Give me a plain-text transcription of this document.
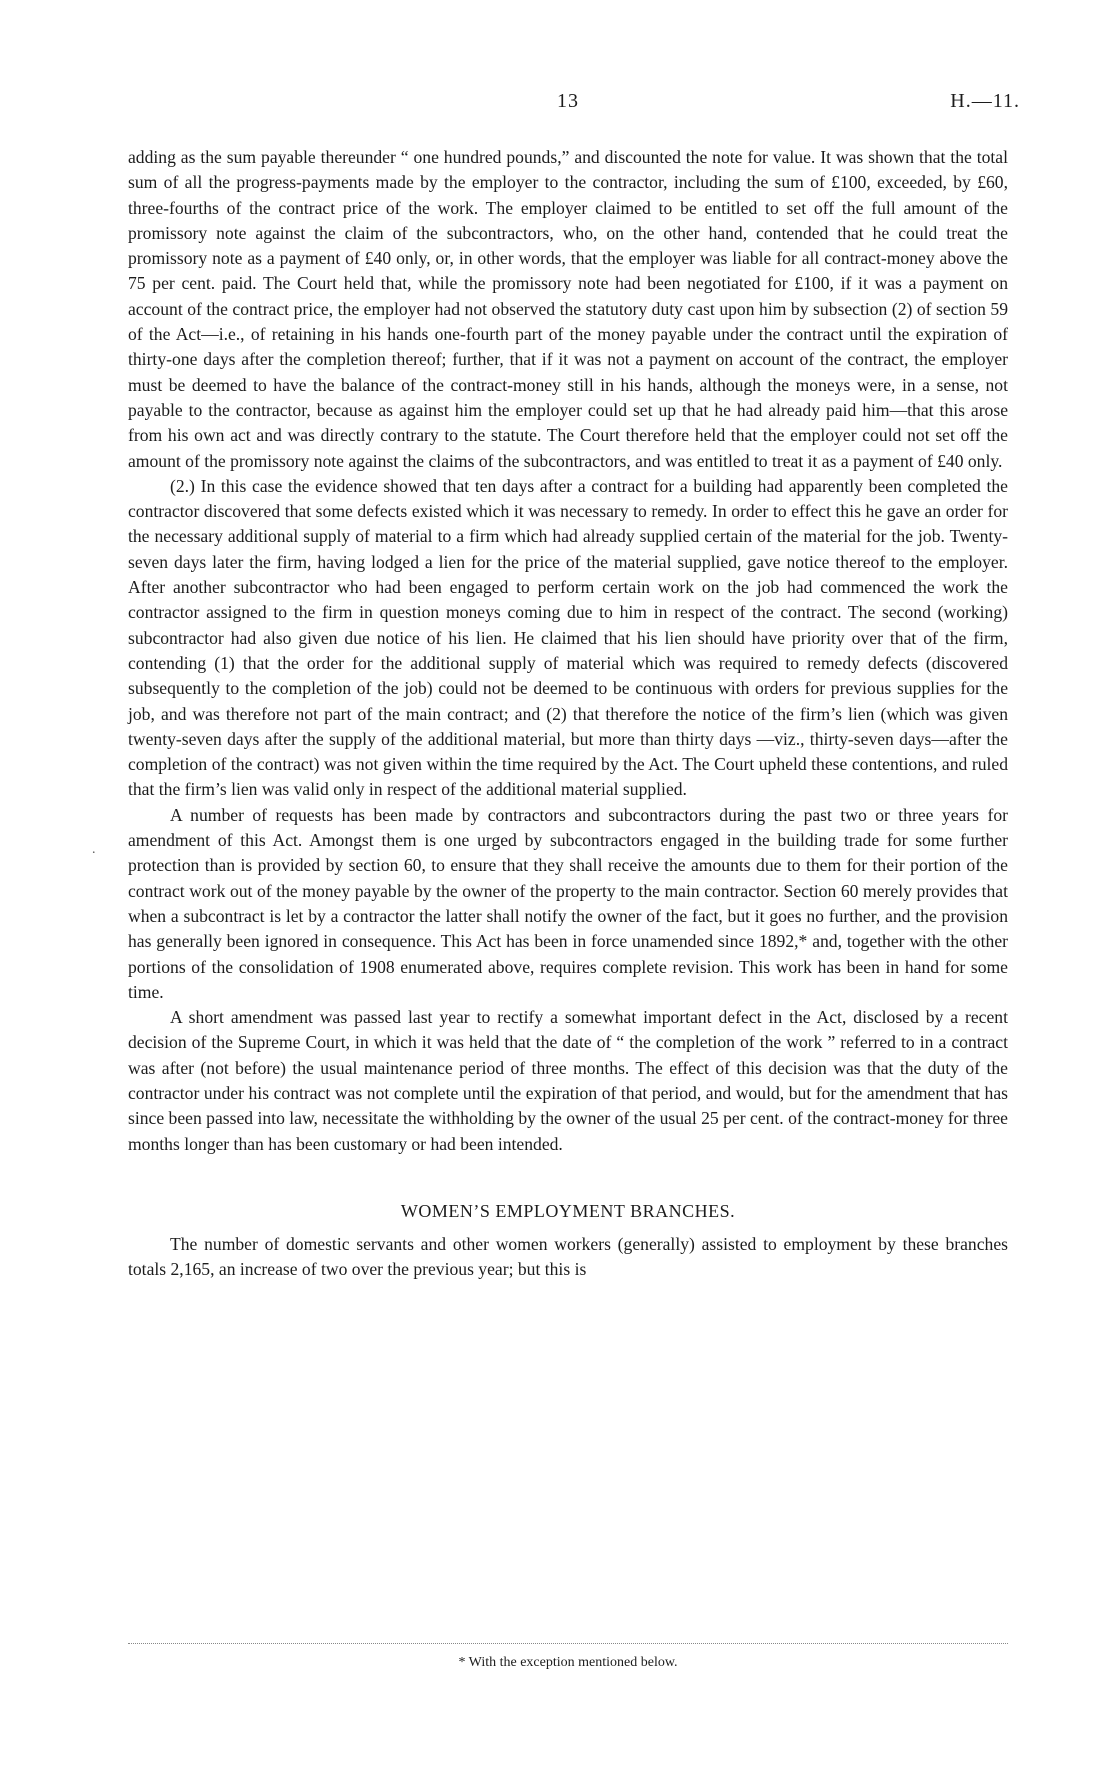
13	H.—11.
.

adding as the sum payable thereunder “ one hundred pounds,” and discounted the note for value. It was shown that the total sum of all the progress-payments made by the employer to the contractor, including the sum of £100, exceeded, by £60, three-fourths of the contract price of the work. The employer claimed to be entitled to set off the full amount of the promissory note against the claim of the subcontractors, who, on the other hand, contended that he could treat the promissory note as a payment of £40 only, or, in other words, that the employer was liable for all contract-money above the 75 per cent. paid. The Court held that, while the promissory note had been negotiated for £100, if it was a payment on account of the contract price, the employer had not observed the statutory duty cast upon him by subsection (2) of section 59 of the Act—i.e., of retaining in his hands one-fourth part of the money payable under the contract until the expiration of thirty-one days after the completion thereof; further, that if it was not a payment on account of the contract, the employer must be deemed to have the balance of the contract-money still in his hands, although the moneys were, in a sense, not payable to the contractor, because as against him the employer could set up that he had already paid him—that this arose from his own act and was directly contrary to the statute. The Court therefore held that the employer could not set off the amount of the promissory note against the claims of the subcontractors, and was entitled to treat it as a payment of £40 only.

(2.) In this case the evidence showed that ten days after a contract for a building had apparently been completed the contractor discovered that some defects existed which it was necessary to remedy. In order to effect this he gave an order for the necessary additional supply of material to a firm which had already supplied certain of the material for the job. Twenty-seven days later the firm, having lodged a lien for the price of the material supplied, gave notice thereof to the employer. After another subcontractor who had been engaged to perform certain work on the job had commenced the work the contractor assigned to the firm in question moneys coming due to him in respect of the contract. The second (working) subcontractor had also given due notice of his lien. He claimed that his lien should have priority over that of the firm, contending (1) that the order for the additional supply of material which was required to remedy defects (discovered subsequently to the completion of the job) could not be deemed to be continuous with orders for previous supplies for the job, and was therefore not part of the main contract; and (2) that therefore the notice of the firm’s lien (which was given twenty-seven days after the supply of the additional material, but more than thirty days —viz., thirty-seven days—after the completion of the contract) was not given within the time required by the Act. The Court upheld these contentions, and ruled that the firm’s lien was valid only in respect of the additional material supplied.

A number of requests has been made by contractors and subcontractors during the past two or three years for amendment of this Act. Amongst them is one urged by subcontractors engaged in the building trade for some further protection than is provided by section 60, to ensure that they shall receive the amounts due to them for their portion of the contract work out of the money payable by the owner of the property to the main contractor. Section 60 merely provides that when a subcontract is let by a contractor the latter shall notify the owner of the fact, but it goes no further, and the provision has generally been ignored in consequence. This Act has been in force unamended since 1892,* and, together with the other portions of the consolidation of 1908 enumerated above, requires complete revision. This work has been in hand for some time.

A short amendment was passed last year to rectify a somewhat important defect in the Act, disclosed by a recent decision of the Supreme Court, in which it was held that the date of “ the completion of the work ” referred to in a contract was after (not before) the usual maintenance period of three months. The effect of this decision was that the duty of the contractor under his contract was not complete until the expiration of that period, and would, but for the amendment that has since been passed into law, necessitate the withholding by the owner of the usual 25 per cent. of the contract-money for three months longer than has been customary or had been intended.

WOMEN’S EMPLOYMENT BRANCHES.

The number of domestic servants and other women workers (generally) assisted to employment by these branches totals 2,165, an increase of two over the previous year; but this is

* With the exception mentioned below.
